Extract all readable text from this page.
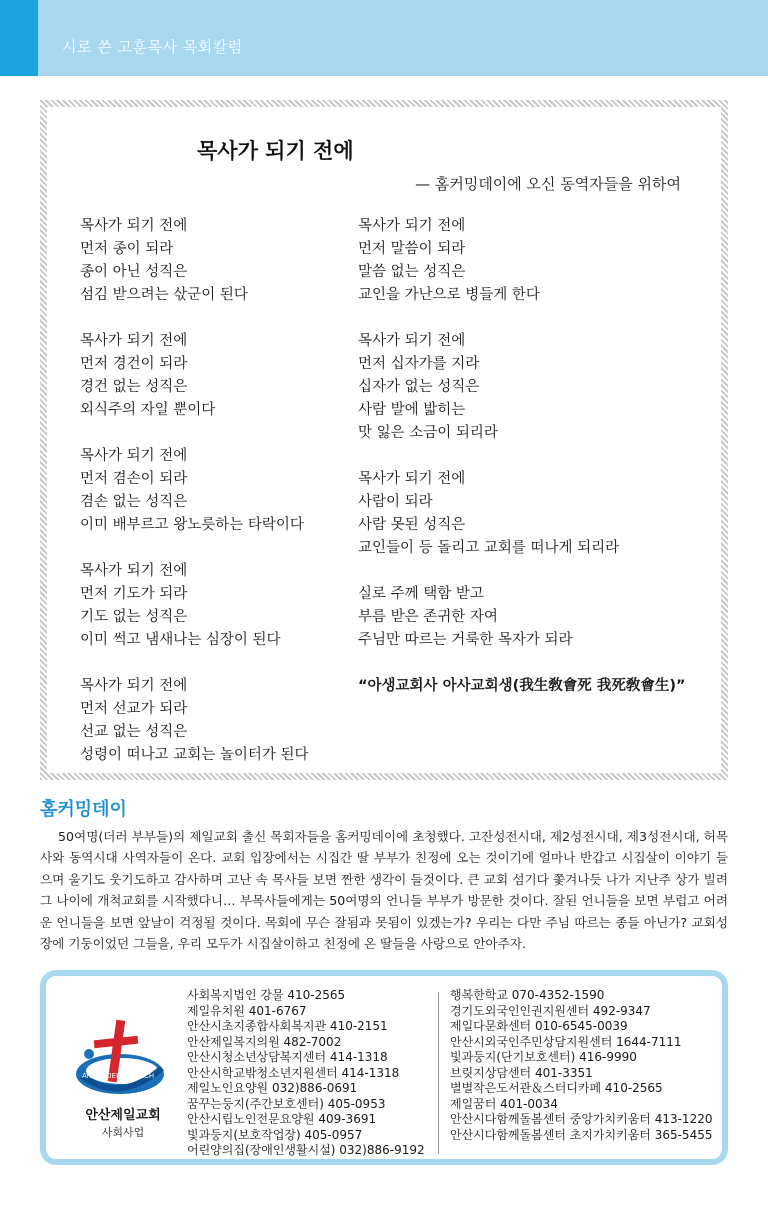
시로 쓴 고훈목사 목회칼럼
목사가 되기 전에
— 홈커밍데이에 오신 동역자들을 위하여
목사가 되기 전에
먼저 종이 되라
종이 아닌 성직은
섬김 받으려는 삯군이 된다
목사가 되기 전에
먼저 경건이 되라
경건 없는 성직은
외식주의 자일 뿐이다
목사가 되기 전에
먼저 겸손이 되라
겸손 없는 성직은
이미 배부르고 왕노릇하는 타락이다
목사가 되기 전에
먼저 기도가 되라
기도 없는 성직은
이미 썩고 냄새나는 심장이 된다
목사가 되기 전에
먼저 선교가 되라
선교 없는 성직은
성령이 떠나고 교회는 놀이터가 된다
목사가 되기 전에
먼저 말씀이 되라
말씀 없는 성직은
교인을 가난으로 병들게 한다
목사가 되기 전에
먼저 십자가를 지라
십자가 없는 성직은
사람 발에 밟히는
맛 잃은 소금이 되리라
목사가 되기 전에
사람이 되라
사람 못된 성직은
교인들이 등 돌리고 교회를 떠나게 되리라
실로 주께 택함 받고
부름 받은 존귀한 자여
주님만 따르는 거룩한 목자가 되라
“아생교회사 아사교회생(我生敎會死 我死敎會生)”
홈커밍데이
50여명(더러 부부들)의 제일교회 출신 목회자들을 홈커밍데이에 초청했다. 고잔성전시대, 제2성전시대, 제3성전시대, 허목사와 동역시대 사역자들이 온다. 교회 입장에서는 시집간 딸 부부가 친정에 오는 것이기에 얼마나 반갑고 시집살이 이야기 들으며 울기도 웃기도하고 감사하며 고난 속 목사들 보면 짠한 생각이 들것이다. 큰 교회 섬기다 쫓겨나듯 나가 지난주 상가 빌려 그 나이에 개척교회를 시작했다니… 부목사들에게는 50여명의 언니들 부부가 방문한 것이다. 잘된 언니들을 보면 부럽고 어려운 언니들을 보면 앞날이 걱정될 것이다. 목회에 무슨 잘됨과 못됨이 있겠는가? 우리는 다만 주님 따르는 종들 아닌가? 교회성장에 기둥이었던 그들을, 우리 모두가 시집살이하고 친정에 온 딸들을 사랑으로 안아주자.
ANSAN JEIL CHURCH
안산제일교회
사회사업
사회복지법인 강물 410-2565
제일유치원 401-6767
안산시초지종합사회복지관 410-2151
안산제일복지의원 482-7002
안산시청소년상담복지센터 414-1318
안산시학교밖청소년지원센터 414-1318
제일노인요양원 032)886-0691
꿈꾸는둥지(주간보호센터) 405-0953
안산시립노인전문요양원 409-3691
빛과둥지(보호작업장) 405-0957
어린양의집(장애인생활시설) 032)886-9192
행복한학교 070-4352-1590
경기도외국인인권지원센터 492-9347
제일다문화센터 010-6545-0039
안산시외국인주민상담지원센터 1644-7111
빛과둥지(단기보호센터) 416-9990
브릿지상담센터 401-3351
별별작은도서관＆스터디카페 410-2565
제일꿈터 401-0034
안산시다함께돌봄센터 중앙가치키움터 413-1220
안산시다함께돌봄센터 초지가치키움터 365-5455
